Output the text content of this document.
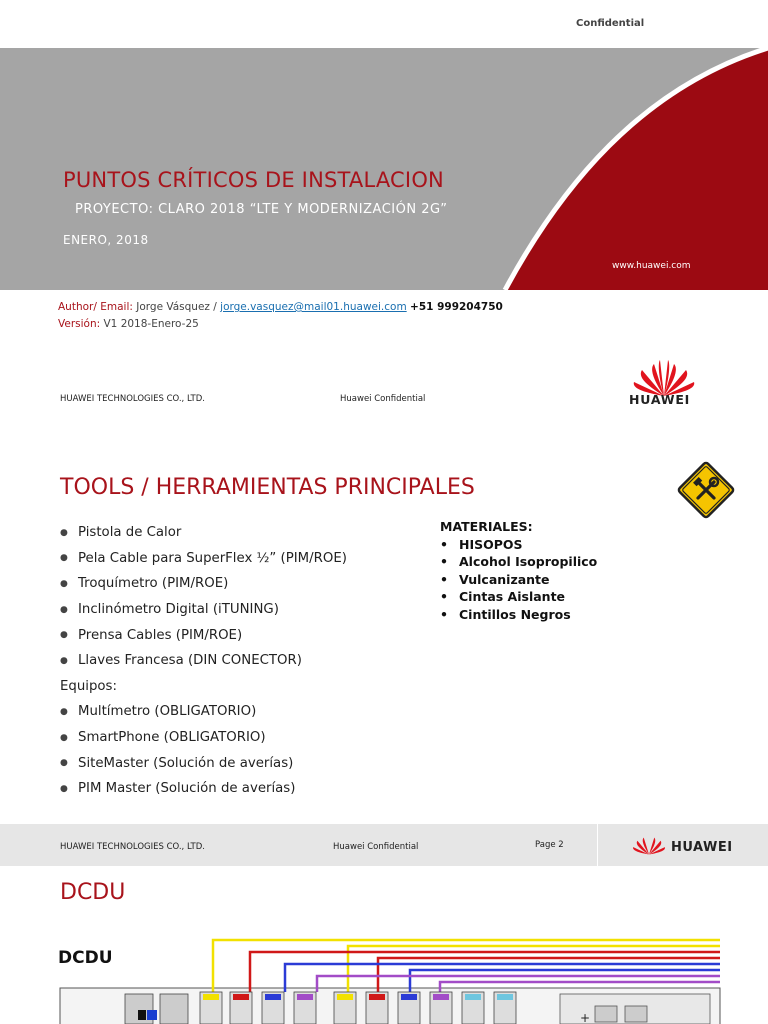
Confidential
PUNTOS CRÍTICOS DE INSTALACION
PROYECTO: CLARO 2018 “LTE Y MODERNIZACIÓN 2G”
ENERO, 2018
www.huawei.com
Author/ Email: Jorge Vásquez / jorge.vasquez@mail01.huawei.com +51 999204750
Versión: V1 2018-Enero-25
HUAWEI TECHNOLOGIES CO., LTD.	Huawei Confidential	HUAWEI
TOOLS / HERRAMIENTAS PRINCIPALES
● Pistola de Calor
● Pela Cable para SuperFlex ½” (PIM/ROE)
● Troquímetro (PIM/ROE)
● Inclinómetro Digital (iTUNING)
● Prensa Cables (PIM/ROE)
● Llaves Francesa (DIN CONECTOR)
Equipos:
● Multímetro (OBLIGATORIO)
● SmartPhone (OBLIGATORIO)
● SiteMaster (Solución de averías)
● PIM Master (Solución de averías)
MATERIALES:
• HISOPOS
• Alcohol Isopropilico
• Vulcanizante
• Cintas Aislante
• Cintillos Negros
HUAWEI TECHNOLOGIES CO., LTD.	Huawei Confidential	Page 2	HUAWEI
DCDU
DCDU
+
